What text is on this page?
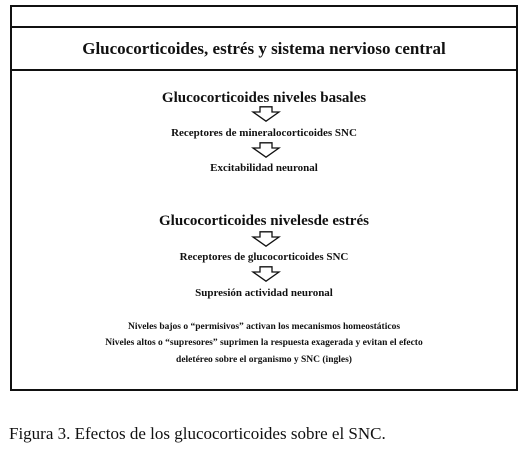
Glucocorticoides, estrés y sistema nervioso central
Glucocorticoides niveles basales
Receptores de mineralocorticoides SNC
Excitabilidad neuronal
Glucocorticoides nivelesde estrés
Receptores de glucocorticoides SNC
Supresión actividad neuronal
Niveles bajos o “permisivos” activan los mecanismos homeostáticos
Niveles altos o “supresores” suprimen la respuesta exagerada y evitan el efecto
deletéreo sobre el organismo y SNC (ingles)
Figura 3. Efectos de los glucocorticoides sobre el SNC.
